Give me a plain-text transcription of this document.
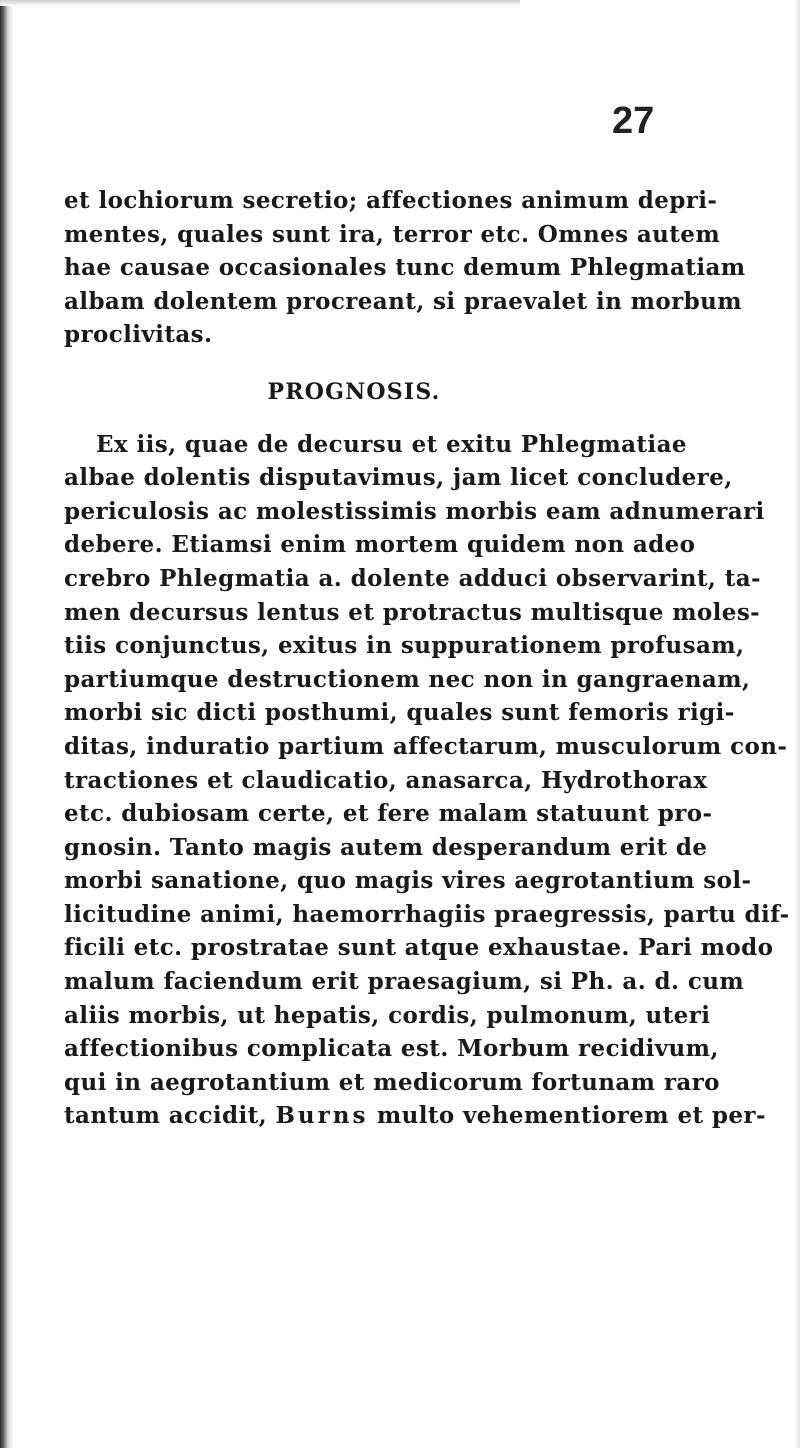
27
et lochiorum secretio; affectiones animum depri-
mentes, quales sunt ira, terror etc. Omnes autem
hae causae occasionales tunc demum Phlegmatiam
albam dolentem procreant, si praevalet in morbum
proclivitas.
PROGNOSIS.
Ex iis, quae de decursu et exitu Phlegmatiae
albae dolentis disputavimus, jam licet concludere,
periculosis ac molestissimis morbis eam adnumerari
debere. Etiamsi enim mortem quidem non adeo
crebro Phlegmatia a. dolente adduci observarint, ta-
men decursus lentus et protractus multisque moles-
tiis conjunctus, exitus in suppurationem profusam,
partiumque destructionem nec non in gangraenam,
morbi sic dicti posthumi, quales sunt femoris rigi-
ditas, induratio partium affectarum, musculorum con-
tractiones et claudicatio, anasarca, Hydrothorax
etc. dubiosam certe, et fere malam statuunt pro-
gnosin. Tanto magis autem desperandum erit de
morbi sanatione, quo magis vires aegrotantium sol-
licitudine animi, haemorrhagiis praegressis, partu dif-
ficili etc. prostratae sunt atque exhaustae. Pari modo
malum faciendum erit praesagium, si Ph. a. d. cum
aliis morbis, ut hepatis, cordis, pulmonum, uteri
affectionibus complicata est. Morbum recidivum,
qui in aegrotantium et medicorum fortunam raro
tantum accidit, Burns multo vehementiorem et per-
